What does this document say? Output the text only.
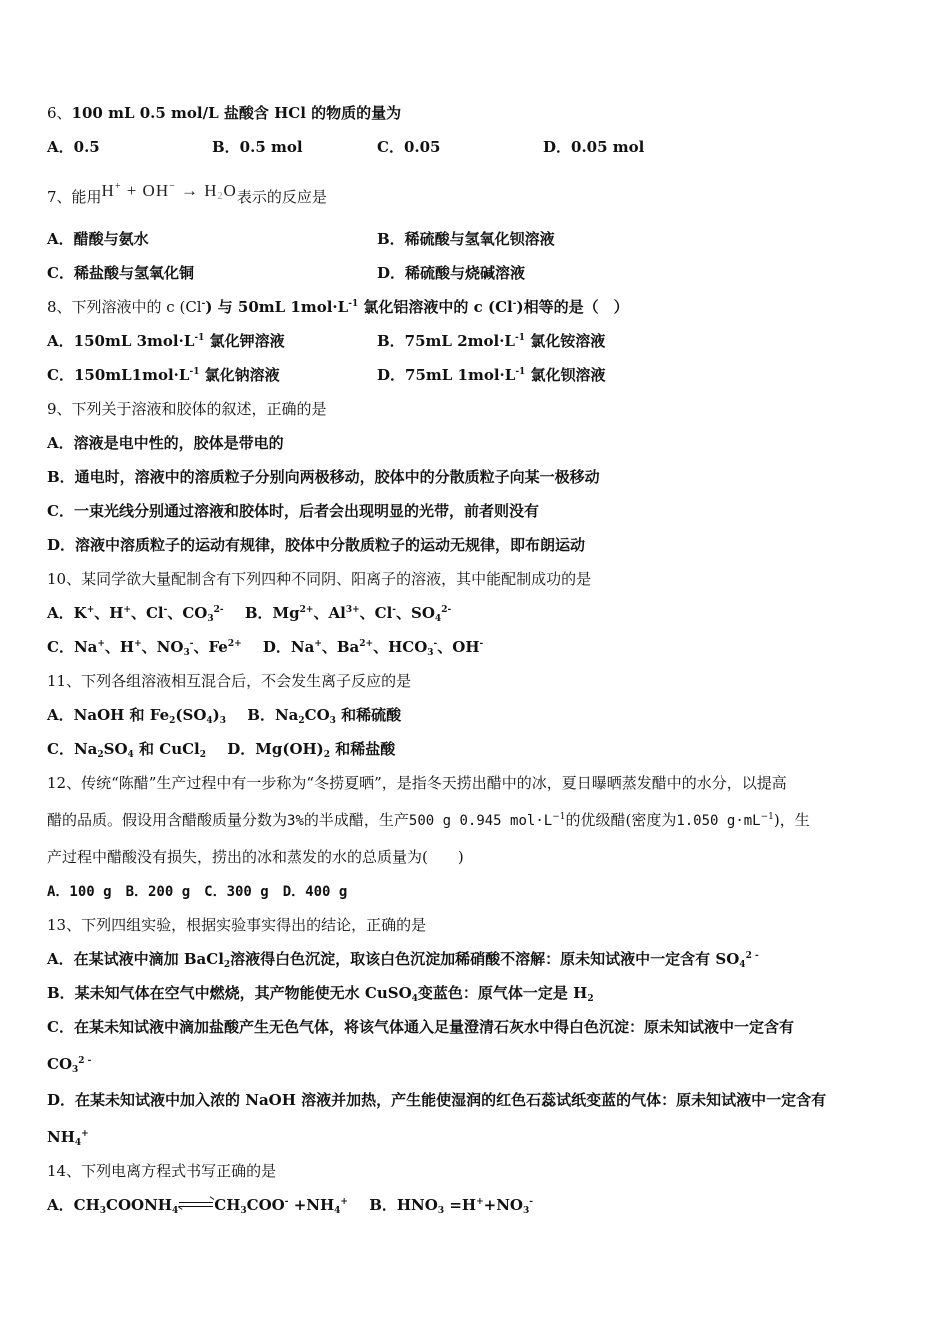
6、100 mL 0.5 mol/L 盐酸含 HCl 的物质的量为
A．0.5	B．0.5 mol	C．0.05	D．0.05 mol
7、能用H+ + OH− → H2O表示的反应是
A．醋酸与氨水	B．稀硫酸与氢氧化钡溶液
C．稀盐酸与氢氧化铜	D．稀硫酸与烧碱溶液
8、下列溶液中的 c (Cl-) 与 50mL $1mol\cdot L^{-1}$ 氯化铝溶液中的 c (Cl-)相等的是（　）
A．150mL $3mol\cdot L^{-1}$ 氯化钾溶液	B．75mL $2mol\cdot L^{-1}$ 氯化铵溶液
C．$150mL1mol\cdot L^{-1}$ 氯化钠溶液	D．75mL $1mol\cdot L^{-1}$ 氯化钡溶液
9、下列关于溶液和胶体的叙述，正确的是
A．溶液是电中性的，胶体是带电的
B．通电时，溶液中的溶质粒子分别向两极移动，胶体中的分散质粒子向某一极移动
C．一束光线分别通过溶液和胶体时，后者会出现明显的光带，前者则没有
D．溶液中溶质粒子的运动有规律，胶体中分散质粒子的运动无规律，即布朗运动
10、某同学欲大量配制含有下列四种不同阴、阳离子的溶液，其中能配制成功的是
A．K+、H+、Cl-、$CO_3^{2-}$ B．$Mg^{2+}$、$Al^{3+}$、Cl-、$SO_4^{2-}$
C．Na+、H+、$NO_3^-$、$Fe^{2+}$ D．Na+、$Ba^{2+}$、$HCO_3^-$、OH-
11、下列各组溶液相互混合后，不会发生离子反应的是
A．NaOH 和 $Fe_2(SO_4)_3$ B．$Na_2CO_3$ 和稀硫酸
C．$Na_2SO_4$ 和 CuCl$_2$ D．$Mg(OH)_2$ 和稀盐酸
12、传统“陈醋”生产过程中有一步称为“冬捞夏晒”，是指冬天捞出醋中的冰，夏日曝晒蒸发醋中的水分，以提高
醋的品质。假设用含醋酸质量分数为3%的半成醋，生产500 g 0.945 $mol\cdot L^{-1}$的优级醋(密度为1.050 $g\cdot mL^{-1}$)，生
产过程中醋酸没有损失，捞出的冰和蒸发的水的总质量为(　　)
A．100 g　B．200 g　C．300 g　D．400 g
13、下列四组实验，根据实验事实得出的结论，正确的是
A．在某试液中滴加 BaCl$_2$溶液得白色沉淀，取该白色沉淀加稀硝酸不溶解：原未知试液中一定含有 $SO_4^{2 -}$
B．某未知气体在空气中燃烧，其产物能使无水 CuSO$_4$变蓝色：原气体一定是 $H_2$
C．在某未知试液中滴加盐酸产生无色气体，将该气体通入足量澄清石灰水中得白色沉淀：原未知试液中一定含有
$CO_3^{2 -}$
D．在某未知试液中加入浓的 NaOH 溶液并加热，产生能使湿润的红色石蕊试纸变蓝的气体：原未知试液中一定含有
$NH_4^+$
14、下列电离方程式书写正确的是
A．$CH_3COONH_4\rightleftharpoons CH_3COO^- +NH_4^+$ B．$HNO_3 =H^++NO_3^-$
